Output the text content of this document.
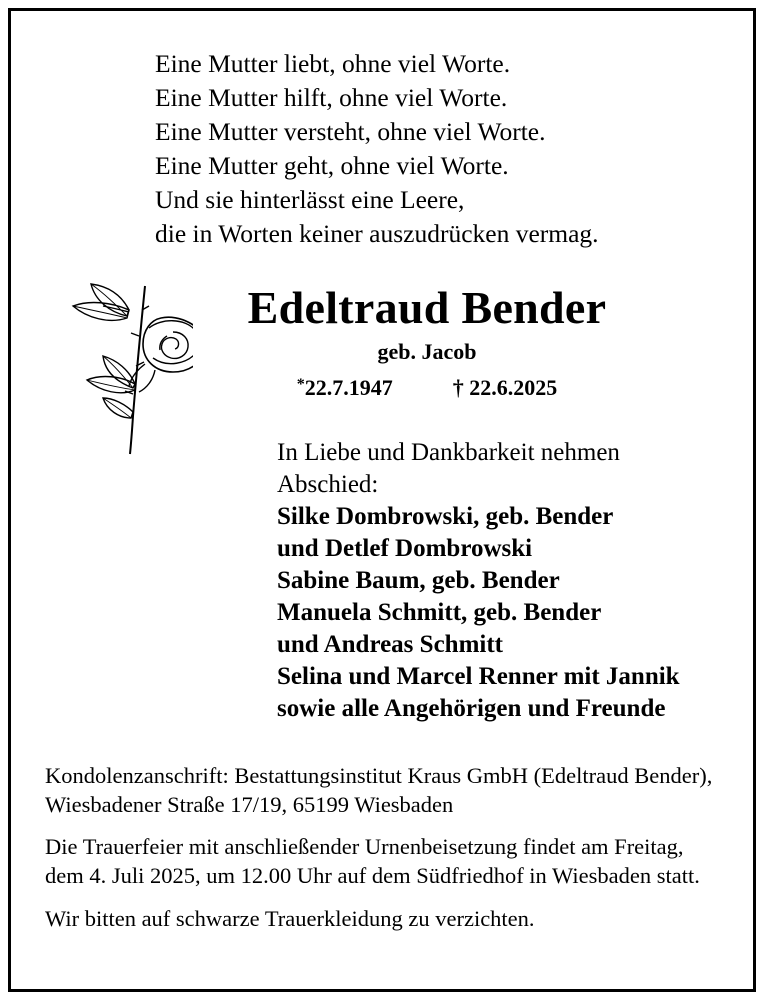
Eine Mutter liebt, ohne viel Worte.
Eine Mutter hilft, ohne viel Worte.
Eine Mutter versteht, ohne viel Worte.
Eine Mutter geht, ohne viel Worte.
Und sie hinterlässt eine Leere,
die in Worten keiner auszudrücken vermag.
Edeltraud Bender
geb. Jacob
*22.7.1947	† 22.6.2025
In Liebe und Dankbarkeit nehmen
Abschied:
Silke Dombrowski, geb. Bender
und Detlef Dombrowski
Sabine Baum, geb. Bender
Manuela Schmitt, geb. Bender
und Andreas Schmitt
Selina und Marcel Renner mit Jannik
sowie alle Angehörigen und Freunde
Kondolenzanschrift: Bestattungsinstitut Kraus GmbH (Edeltraud Bender), Wiesbadener Straße 17/19, 65199 Wiesbaden
Die Trauerfeier mit anschließender Urnenbeisetzung findet am Freitag, dem 4. Juli 2025, um 12.00 Uhr auf dem Südfriedhof in Wiesbaden statt.
Wir bitten auf schwarze Trauerkleidung zu verzichten.
